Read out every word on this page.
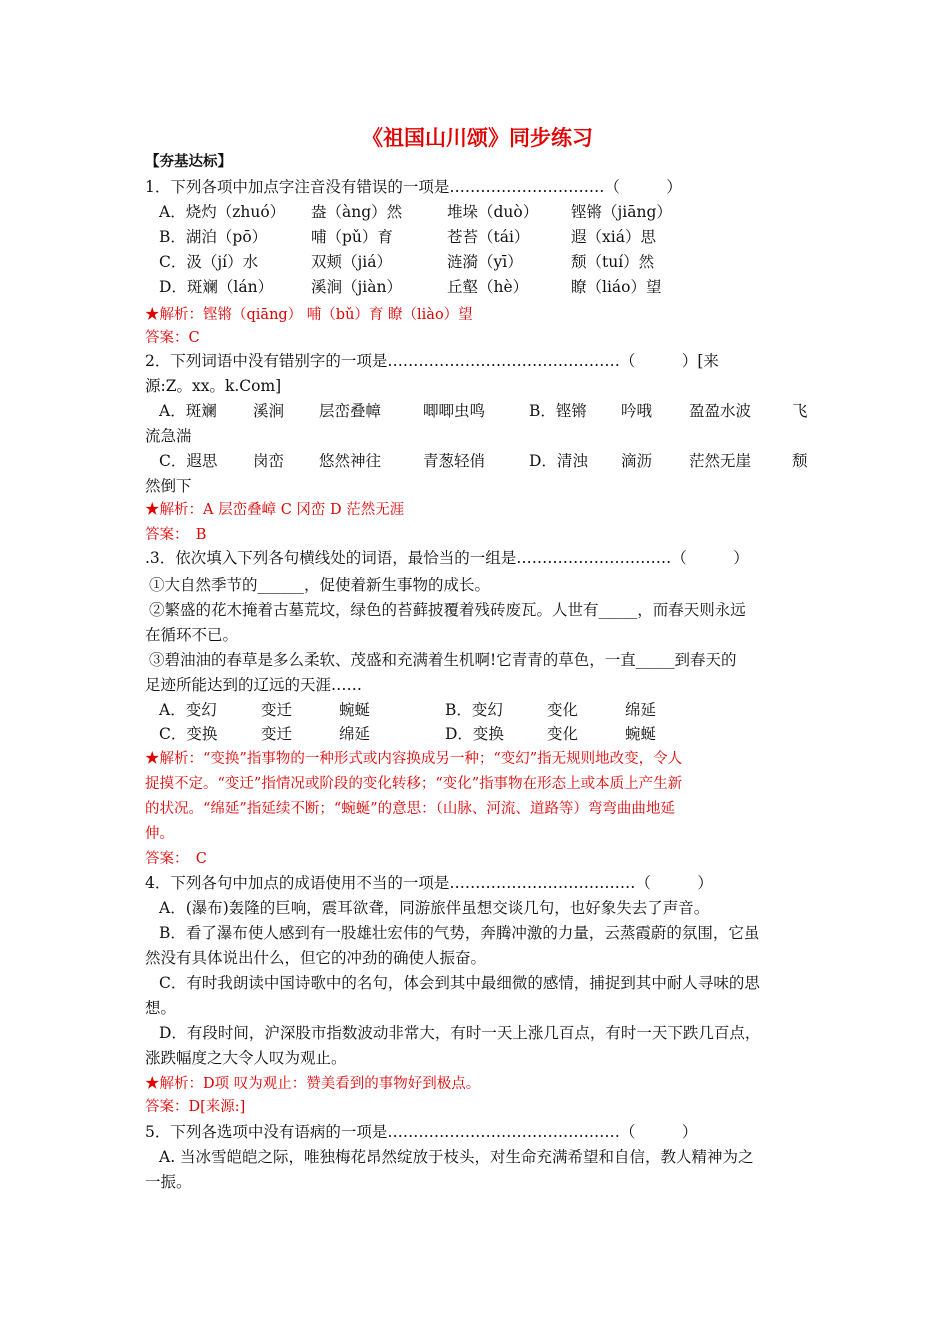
《祖国山川颂》同步练习
【夯基达标】
1．下列各项中加点字注音没有错误的一项是…………………………（　　　）
A．烧灼（zhuó） 盎（àng）然	堆垛（duò） 铿锵（jiāng）
B．湖泊（pō）	哺（pǔ）育	苍苔（tái）	遐（xiá）思
C．汲（jí）水	双颊（jiá）	涟漪（yī）	颓（tuí）然
D．斑斓（lán） 溪涧（jiàn）	丘壑（hè）	瞭（liáo）望
★解析：铿锵（qiāng） 哺（bǔ）育 瞭（liào）望
答案：C
2．下列词语中没有错别字的一项是………………………………………（　　　）[来
源:Z。xx。k.Com]
A．斑斓 溪涧 层峦叠幛	唧唧虫鸣	B．铿锵 吟哦 盈盈水波	飞
流急湍
C．遐思 岗峦 悠然神往	青葱轻俏	D．清浊 滴沥 茫然无崖	颓
然倒下
★解析：A 层峦叠嶂 C 冈峦 D 茫然无涯
答案：　B
.3．依次填入下列各句横线处的词语，最恰当的一组是…………………………（　　　）
①大自然季节的______，促使着新生事物的成长。
②繁盛的花木掩着古墓荒坟，绿色的苔藓披覆着残砖废瓦。人世有_____，而春天则永远
在循环不已。
③碧油油的春草是多么柔软、茂盛和充满着生机啊!它青青的草色，一直_____到春天的
足迹所能达到的辽远的天涯……
A．变幻	变迁	蜿蜒	B．变幻	变化	绵延
C．变换	变迁	绵延	D．变换	变化	蜿蜒
★解析：“变换”指事物的一种形式或内容换成另一种；“变幻”指无规则地改变，令人
捉摸不定。“变迁”指情况或阶段的变化转移；“变化”指事物在形态上或本质上产生新
的状况。“绵延”指延续不断；“蜿蜒”的意思：（山脉、河流、道路等）弯弯曲曲地延
伸。
答案：　C
4．下列各句中加点的成语使用不当的一项是………………………………（　　　）
A．(瀑布)轰隆的巨响，震耳欲聋，同游旅伴虽想交谈几句，也好象失去了声音。
B．看了瀑布使人感到有一股雄壮宏伟的气势，奔腾冲激的力量，云蒸霞蔚的氛围，它虽
然没有具体说出什么，但它的冲劲的确使人振奋。
C．有时我朗读中国诗歌中的名句，体会到其中最细微的感情，捕捉到其中耐人寻味的思
想。
D．有段时间，沪深股市指数波动非常大，有时一天上涨几百点，有时一天下跌几百点，
涨跌幅度之大令人叹为观止。
★解析：D项 叹为观止：赞美看到的事物好到极点。
答案：D[来源:]
5．下列各选项中没有语病的一项是………………………………………（　　　）
A. 当冰雪皑皑之际，唯独梅花昂然绽放于枝头，对生命充满希望和自信，教人精神为之
一振。
